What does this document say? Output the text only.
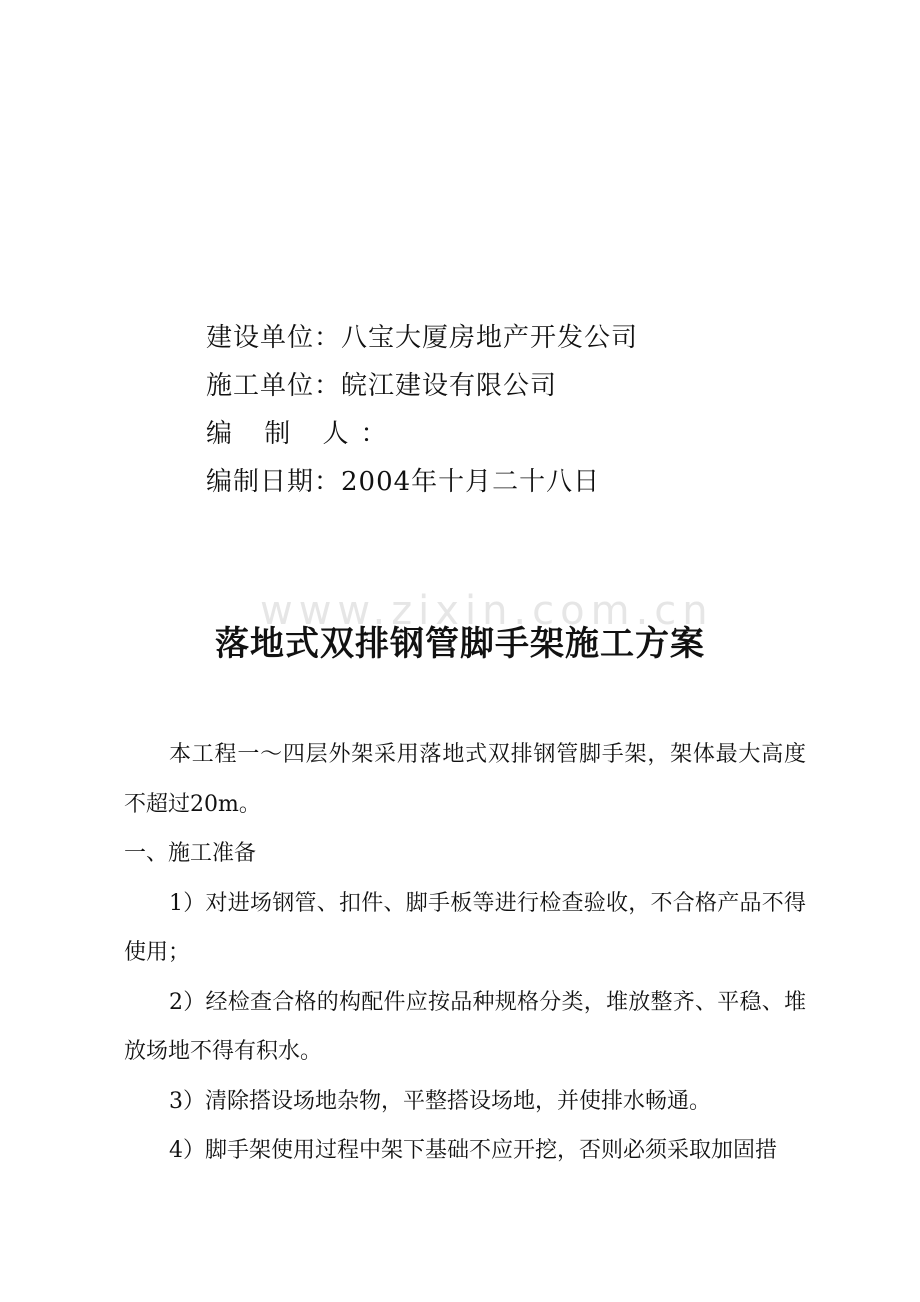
建设单位：八宝大厦房地产开发公司
施工单位：皖江建设有限公司
编 制 人：
编制日期：2004年十月二十八日
www.zixin.com.cn
落地式双排钢管脚手架施工方案

本工程一～四层外架采用落地式双排钢管脚手架，架体最大高度不超过20m。

一、施工准备

1）对进场钢管、扣件、脚手板等进行检查验收，不合格产品不得使用；

2）经检查合格的构配件应按品种规格分类，堆放整齐、平稳、堆放场地不得有积水。

3）清除搭设场地杂物，平整搭设场地，并使排水畅通。

4）脚手架使用过程中架下基础不应开挖，否则必须采取加固措
